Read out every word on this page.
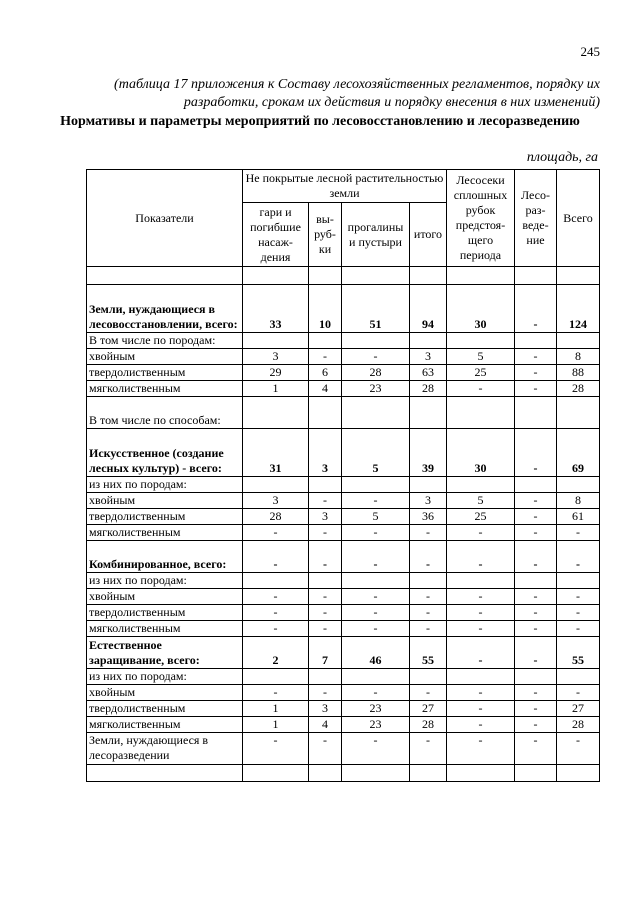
245
(таблица 17 приложения к Составу лесохозяйственных регламентов, порядку их разработки, срокам их действия и порядку внесения в них изменений)
Нормативы и параметры мероприятий по лесовосстановлению и лесоразведению
площадь, га
Показатели	Не покрытые лесной растительностью земли				Лесосеки сплошных рубок предстоя-щего периода	Лесо-раз-веде-ние	Всего
	гари и погибшие насаж-дения	вы-руб-ки	прогалины и пустыри	итого			

Земли, нуждающиеся в лесовосстановлении, всего:	33	10	51	94	30	-	124
В том числе по породам:							
хвойным	3	-	-	3	5	-	8
твердолиственным	29	6	28	63	25	-	88
мягколиственным	1	4	23	28	-	-	28
В том числе по способам:							
Искусственное (создание лесных культур) - всего:	31	3	5	39	30	-	69
из них по породам:							
хвойным	3	-	-	3	5	-	8
твердолиственным	28	3	5	36	25	-	61
мягколиственным	-	-	-	-	-	-	-
Комбинированное, всего:	-	-	-	-	-	-	-
из них по породам:							
хвойным	-	-	-	-	-	-	-
твердолиственным	-	-	-	-	-	-	-
мягколиственным	-	-	-	-	-	-	-
Естественное заращивание, всего:	2	7	46	55	-	-	55
из них по породам:							
хвойным	-	-	-	-	-	-	-
твердолиственным	1	3	23	27	-	-	27
мягколиственным	1	4	23	28	-	-	28
Земли, нуждающиеся в лесоразведении	-	-	-	-	-	-	-
